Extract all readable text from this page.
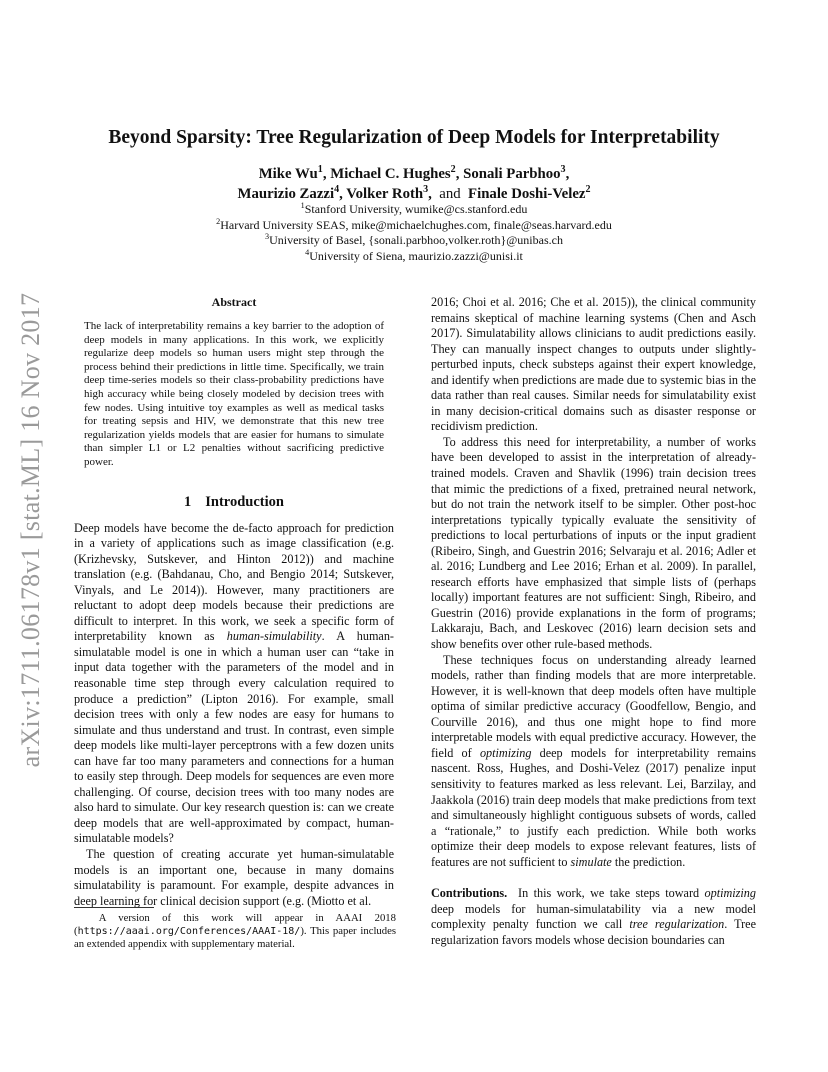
arXiv:1711.06178v1 [stat.ML] 16 Nov 2017
Beyond Sparsity: Tree Regularization of Deep Models for Interpretability
Mike Wu$^1$, Michael C. Hughes$^2$, Sonali Parbhoo$^3$,
Maurizio Zazzi$^4$, Volker Roth$^3$,  and Finale Doshi-Velez$^2$
$^1$Stanford University, wumike@cs.stanford.edu
$^2$Harvard University SEAS, mike@michaelchughes.com, finale@seas.harvard.edu
$^3$University of Basel, {sonali.parbhoo,volker.roth}@unibas.ch
$^4$University of Siena, maurizio.zazzi@unisi.it
Abstract

The lack of interpretability remains a key barrier to the adoption of deep models in many applications. In this work, we explicitly regularize deep models so human users might step through the process behind their predictions in little time. Specifically, we train deep time-series models so their class-probability predictions have high accuracy while being closely modeled by decision trees with few nodes. Using intuitive toy examples as well as medical tasks for treating sepsis and HIV, we demonstrate that this new tree regularization yields models that are easier for humans to simulate than simpler L1 or L2 penalties without sacrificing predictive power.

1 Introduction

Deep models have become the de-facto approach for prediction in a variety of applications such as image classification (e.g. (Krizhevsky, Sutskever, and Hinton 2012)) and machine translation (e.g. (Bahdanau, Cho, and Bengio 2014; Sutskever, Vinyals, and Le 2014)). However, many practitioners are reluctant to adopt deep models because their predictions are difficult to interpret. In this work, we seek a specific form of interpretability known as human-simulability. A human-simulatable model is one in which a human user can “take in input data together with the parameters of the model and in reasonable time step through every calculation required to produce a prediction” (Lipton 2016). For example, small decision trees with only a few nodes are easy for humans to simulate and thus understand and trust. In contrast, even simple deep models like multi-layer perceptrons with a few dozen units can have far too many parameters and connections for a human to easily step through. Deep models for sequences are even more challenging. Of course, decision trees with too many nodes are also hard to simulate. Our key research question is: can we create deep models that are well-approximated by compact, human-simulatable models?

The question of creating accurate yet human-simulatable models is an important one, because in many domains simulatability is paramount. For example, despite advances in deep learning for clinical decision support (e.g. (Miotto et al.

A version of this work will appear in AAAI 2018 (https://aaai.org/Conferences/AAAI-18/). This paper includes an extended appendix with supplementary material.

2016; Choi et al. 2016; Che et al. 2015)), the clinical community remains skeptical of machine learning systems (Chen and Asch 2017). Simulatability allows clinicians to audit predictions easily. They can manually inspect changes to outputs under slightly-perturbed inputs, check substeps against their expert knowledge, and identify when predictions are made due to systemic bias in the data rather than real causes. Similar needs for simulatability exist in many decision-critical domains such as disaster response or recidivism prediction.

To address this need for interpretability, a number of works have been developed to assist in the interpretation of already-trained models. Craven and Shavlik (1996) train decision trees that mimic the predictions of a fixed, pretrained neural network, but do not train the network itself to be simpler. Other post-hoc interpretations typically typically evaluate the sensitivity of predictions to local perturbations of inputs or the input gradient (Ribeiro, Singh, and Guestrin 2016; Selvaraju et al. 2016; Adler et al. 2016; Lundberg and Lee 2016; Erhan et al. 2009). In parallel, research efforts have emphasized that simple lists of (perhaps locally) important features are not sufficient: Singh, Ribeiro, and Guestrin (2016) provide explanations in the form of programs; Lakkaraju, Bach, and Leskovec (2016) learn decision sets and show benefits over other rule-based methods.

These techniques focus on understanding already learned models, rather than finding models that are more interpretable. However, it is well-known that deep models often have multiple optima of similar predictive accuracy (Goodfellow, Bengio, and Courville 2016), and thus one might hope to find more interpretable models with equal predictive accuracy. However, the field of optimizing deep models for interpretability remains nascent. Ross, Hughes, and Doshi-Velez (2017) penalize input sensitivity to features marked as less relevant. Lei, Barzilay, and Jaakkola (2016) train deep models that make predictions from text and simultaneously highlight contiguous subsets of words, called a “rationale,” to justify each prediction. While both works optimize their deep models to expose relevant features, lists of features are not sufficient to simulate the prediction.

Contributions.  In this work, we take steps toward optimizing deep models for human-simulatability via a new model complexity penalty function we call tree regularization. Tree regularization favors models whose decision boundaries can
